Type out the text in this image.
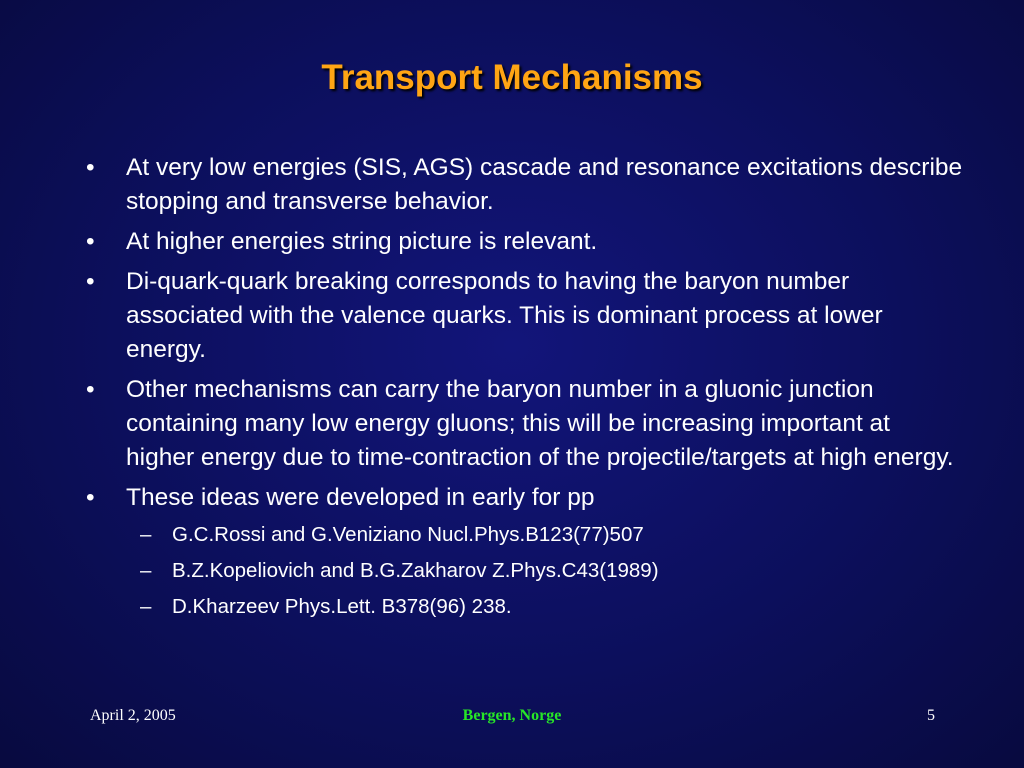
Transport Mechanisms
• At very low energies (SIS, AGS) cascade and resonance excitations describe stopping and transverse behavior.
• At higher energies string picture is relevant.
• Di-quark-quark breaking corresponds to having the baryon number associated with the valence quarks. This is dominant process at lower energy.
• Other mechanisms can carry the baryon number in a gluonic junction containing many low energy gluons; this will be increasing important at higher energy due to time-contraction of the projectile/targets at high energy.
• These ideas were developed in early for pp
– G.C.Rossi and G.Veniziano Nucl.Phys.B123(77)507
– B.Z.Kopeliovich and B.G.Zakharov Z.Phys.C43(1989)
– D.Kharzeev Phys.Lett. B378(96) 238.
April 2, 2005	Bergen, Norge	5
